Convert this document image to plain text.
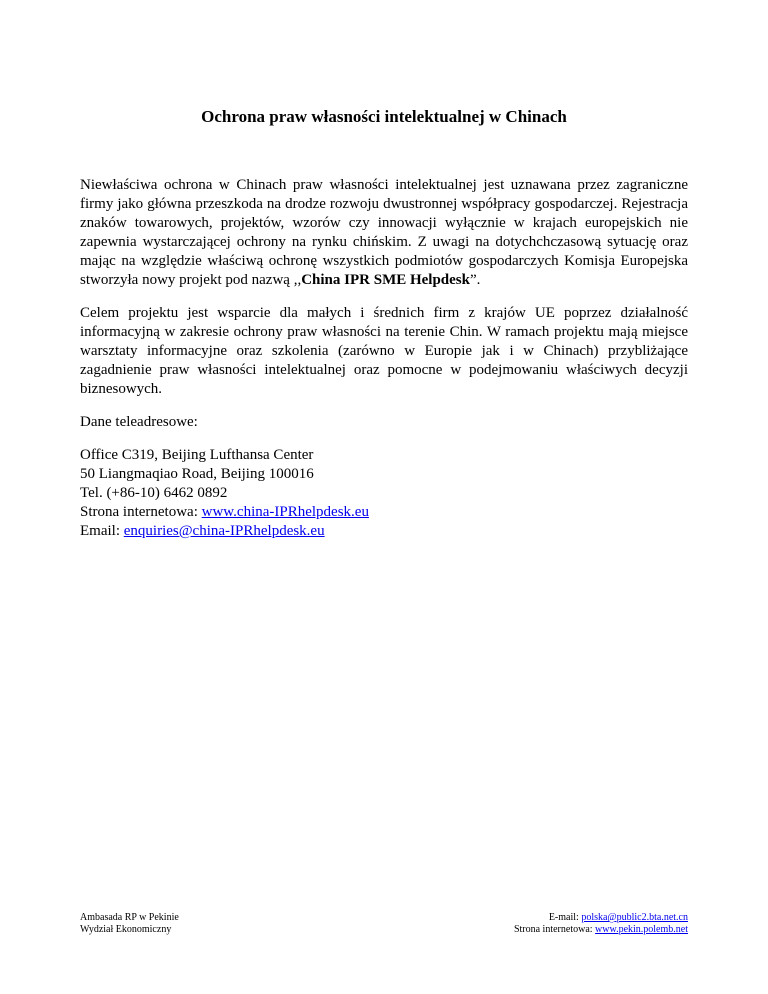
Ochrona praw własności intelektualnej w Chinach

Niewłaściwa ochrona w Chinach praw własności intelektualnej jest uznawana przez zagraniczne firmy jako główna przeszkoda na drodze rozwoju dwustronnej współpracy gospodarczej. Rejestracja znaków towarowych, projektów, wzorów czy innowacji wyłącznie w krajach europejskich nie zapewnia wystarczającej ochrony na rynku chińskim. Z uwagi na dotychchczasową sytuację oraz mając na względzie właściwą ochronę wszystkich podmiotów gospodarczych Komisja Europejska stworzyła nowy projekt pod nazwą ,,China IPR SME Helpdesk”.

Celem projektu jest wsparcie dla małych i średnich firm z krajów UE poprzez działalność informacyjną w zakresie ochrony praw własności na terenie Chin. W ramach projektu mają miejsce warsztaty informacyjne oraz szkolenia (zarówno w Europie jak i w Chinach) przybliżające zagadnienie praw własności intelektualnej oraz pomocne w podejmowaniu właściwych decyzji biznesowych.

Dane teleadresowe:

Office C319, Beijing Lufthansa Center
50 Liangmaqiao Road, Beijing 100016
Tel. (+86-10) 6462 0892
Strona internetowa: www.china-IPRhelpdesk.eu
Email: enquiries@china-IPRhelpdesk.eu

Ambasada RP w Pekinie
Wydział Ekonomiczny
E-mail: polska@public2.bta.net.cn
Strona internetowa: www.pekin.polemb.net
